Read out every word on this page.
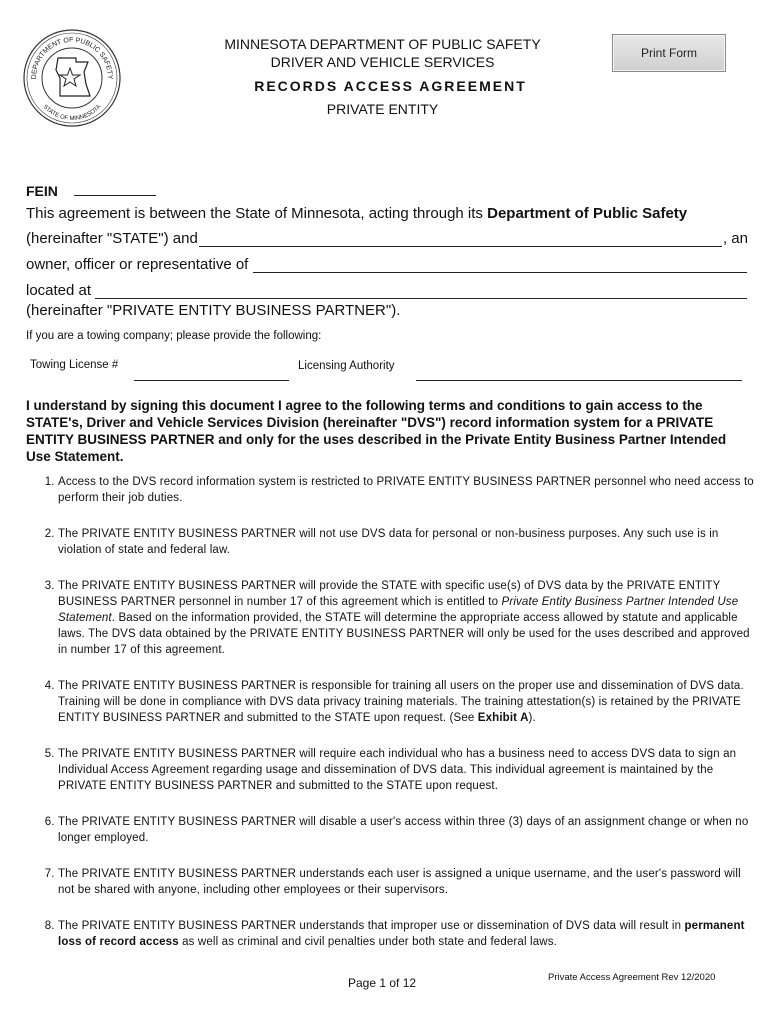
DEPARTMENT OF PUBLIC SAFETY
STATE OF MINNESOTA
MINNESOTA DEPARTMENT OF PUBLIC SAFETY
DRIVER AND VEHICLE SERVICES
RECORDS ACCESS AGREEMENT
PRIVATE ENTITY
Print Form
FEIN
This agreement is between the State of Minnesota, acting through its Department of Public Safety
(hereinafter "STATE") and	, an
owner, officer or representative of
located at
(hereinafter "PRIVATE ENTITY BUSINESS PARTNER").
If you are a towing company; please provide the following:
Towing License #	Licensing Authority
I understand by signing this document I agree to the following terms and conditions to gain access to the STATE's, Driver and Vehicle Services Division (hereinafter "DVS") record information system for a PRIVATE ENTITY BUSINESS PARTNER and only for the uses described in the Private Entity Business Partner Intended Use Statement.
1. Access to the DVS record information system is restricted to PRIVATE ENTITY BUSINESS PARTNER personnel who need access to perform their job duties.
2. The PRIVATE ENTITY BUSINESS PARTNER will not use DVS data for personal or non-business purposes. Any such use is in violation of state and federal law.
3. The PRIVATE ENTITY BUSINESS PARTNER will provide the STATE with specific use(s) of DVS data by the PRIVATE ENTITY BUSINESS PARTNER personnel in number 17 of this agreement which is entitled to Private Entity Business Partner Intended Use Statement. Based on the information provided, the STATE will determine the appropriate access allowed by statute and applicable laws. The DVS data obtained by the PRIVATE ENTITY BUSINESS PARTNER will only be used for the uses described and approved in number 17 of this agreement.
4. The PRIVATE ENTITY BUSINESS PARTNER is responsible for training all users on the proper use and dissemination of DVS data. Training will be done in compliance with DVS data privacy training materials. The training attestation(s) is retained by the PRIVATE ENTITY BUSINESS PARTNER and submitted to the STATE upon request. (See Exhibit A).
5. The PRIVATE ENTITY BUSINESS PARTNER will require each individual who has a business need to access DVS data to sign an Individual Access Agreement regarding usage and dissemination of DVS data. This individual agreement is maintained by the PRIVATE ENTITY BUSINESS PARTNER and submitted to the STATE upon request.
6. The PRIVATE ENTITY BUSINESS PARTNER will disable a user's access within three (3) days of an assignment change or when no longer employed.
7. The PRIVATE ENTITY BUSINESS PARTNER understands each user is assigned a unique username, and the user's password will not be shared with anyone, including other employees or their supervisors.
8. The PRIVATE ENTITY BUSINESS PARTNER understands that improper use or dissemination of DVS data will result in permanent loss of record access as well as criminal and civil penalties under both state and federal laws.
Page 1 of 12	Private Access Agreement Rev 12/2020
